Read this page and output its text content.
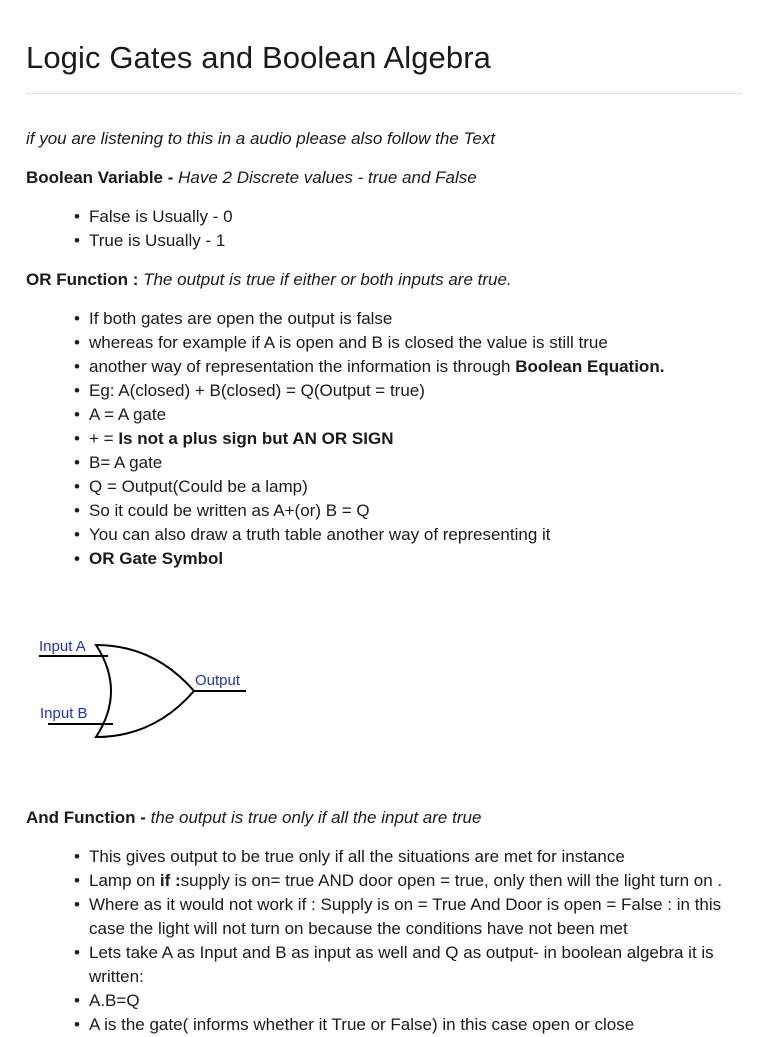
Logic Gates and Boolean Algebra
if you are listening to this in a audio please also follow the Text
Boolean Variable - Have 2 Discrete values - true and False
• False is Usually - 0
• True is Usually - 1
OR Function : The output is true if either or both inputs are true.
• If both gates are open the output is false
• whereas for example if A is open and B is closed the value is still true
• another way of representation the information is through Boolean Equation.
• Eg: A(closed) + B(closed) = Q(Output = true)
• A = A gate
• + = Is not a plus sign but AN OR SIGN
• B= A gate
• Q = Output(Could be a lamp)
• So it could be written as A+(or) B = Q
• You can also draw a truth table another way of representing it
• OR Gate Symbol
And Function - the output is true only if all the input are true
• This gives output to be true only if all the situations are met for instance
• Lamp on if :supply is on= true AND door open = true, only then will the light turn on .
• Where as it would not work if : Supply is on = True And Door is open = False : in this case the light will not turn on because the conditions have not been met
• Lets take A as Input and B as input as well and Q as output- in boolean algebra it is written:
• A.B=Q
• A is the gate( informs whether it True or False) in this case open or close
Input A
Input B
Output
